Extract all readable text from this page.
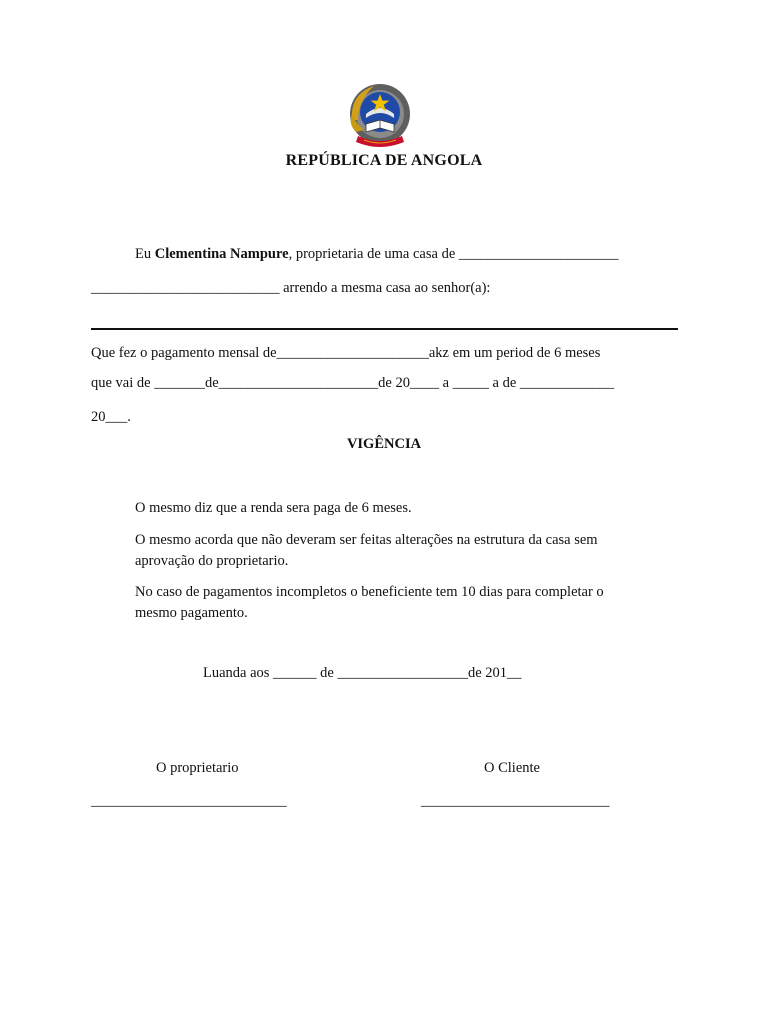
REPÚBLICA DE ANGOLA
Eu Clementina Nampure, proprietaria de uma casa de ______________________
__________________________ arrendo a mesma casa ao senhor(a):
Que fez o pagamento mensal de_____________________akz em um period de 6 meses
que vai de _______de______________________de 20____ a _____ a de _____________
20___.
VIGÊNCIA
O mesmo diz que a renda sera paga de 6 meses.
O mesmo acorda que não deveram ser feitas alterações na estrutura da casa sem
aprovação do proprietario.
No caso de pagamentos incompletos o beneficiente tem 10 dias para completar o
mesmo pagamento.
Luanda aos ______ de __________________de 201__
O proprietario	O Cliente
___________________________	__________________________
